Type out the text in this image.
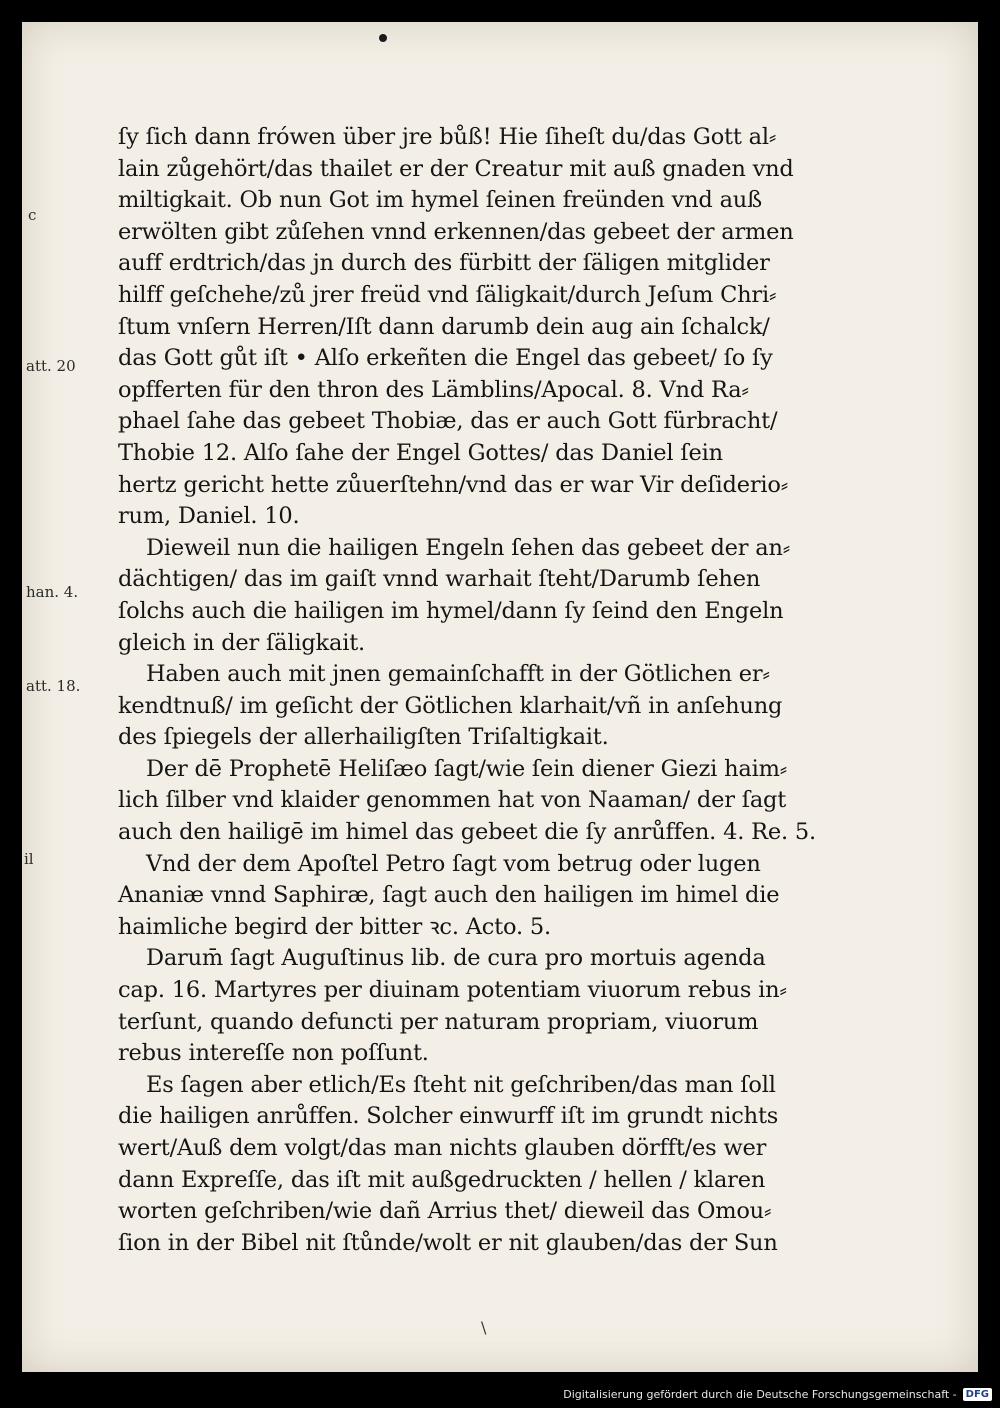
c
att. 20
han. 4.
att. 18.
il
ſy ſich dann frówen über jre bůß! Hie ſiheſt du/das Gott al⸗
lain zůgehört/das thailet er der Creatur mit auß gnaden vnd
miltigkait. Ob nun Got im hymel ſeinen freünden vnd auß
erwölten gibt zůſehen vnnd erkennen/das gebeet der armen
auff erdtrich/das jn durch des fürbitt der ſäligen mitglider
hilff geſchehe/zů jrer freüd vnd ſäligkait/durch Jeſum Chri⸗
ſtum vnſern Herren/Iſt dann darumb dein aug ain ſchalck/
das Gott gůt iſt • Alſo erkeñten die Engel das gebeet/ ſo ſy
opfferten für den thron des Lämblins/Apocal. 8. Vnd Ra⸗
phael ſahe das gebeet Thobiæ, das er auch Gott fürbracht/
Thobie 12. Alſo ſahe der Engel Gottes/ das Daniel ſein
hertz gericht hette zůuerſtehn/vnd das er war Vir deſiderio⸗
rum, Daniel. 10.
Dieweil nun die hailigen Engeln ſehen das gebeet der an⸗
dächtigen/ das im gaiſt vnnd warhait ſteht/Darumb ſehen
ſolchs auch die hailigen im hymel/dann ſy ſeind den Engeln
gleich in der ſäligkait.
Haben auch mit jnen gemainſchafft in der Götlichen er⸗
kendtnuß/ im geſicht der Götlichen klarhait/vñ in anſehung
des ſpiegels der allerhailigſten Triſaltigkait.
Der dē Prophetē Heliſæo ſagt/wie ſein diener Giezi haim⸗
lich ſilber vnd klaider genommen hat von Naaman/ der ſagt
auch den hailigē im himel das gebeet die ſy anrůffen. 4. Re. 5.
Vnd der dem Apoſtel Petro ſagt vom betrug oder lugen
Ananiæ vnnd Saphiræ, ſagt auch den hailigen im himel die
haimliche begird der bitter ꝛc. Acto. 5.
Darum̄ ſagt Auguſtinus lib. de cura pro mortuis agenda
cap. 16. Martyres per diuinam potentiam viuorum rebus in⸗
terſunt, quando defuncti per naturam propriam, viuorum
rebus intereſſe non poſſunt.
Es ſagen aber etlich/Es ſteht nit geſchriben/das man ſoll
die hailigen anrůffen. Solcher einwurff iſt im grundt nichts
wert/Auß dem volgt/das man nichts glauben dörfft/es wer
dann Expreſſe, das iſt mit außgedruckten / hellen / klaren
worten geſchriben/wie dañ Arrius thet/ dieweil das Omou⸗
ſion in der Bibel nit ſtůnde/wolt er nit glauben/das der Sun
\
Digitalisierung gefördert durch die Deutsche Forschungsgemeinschaft - DFG
